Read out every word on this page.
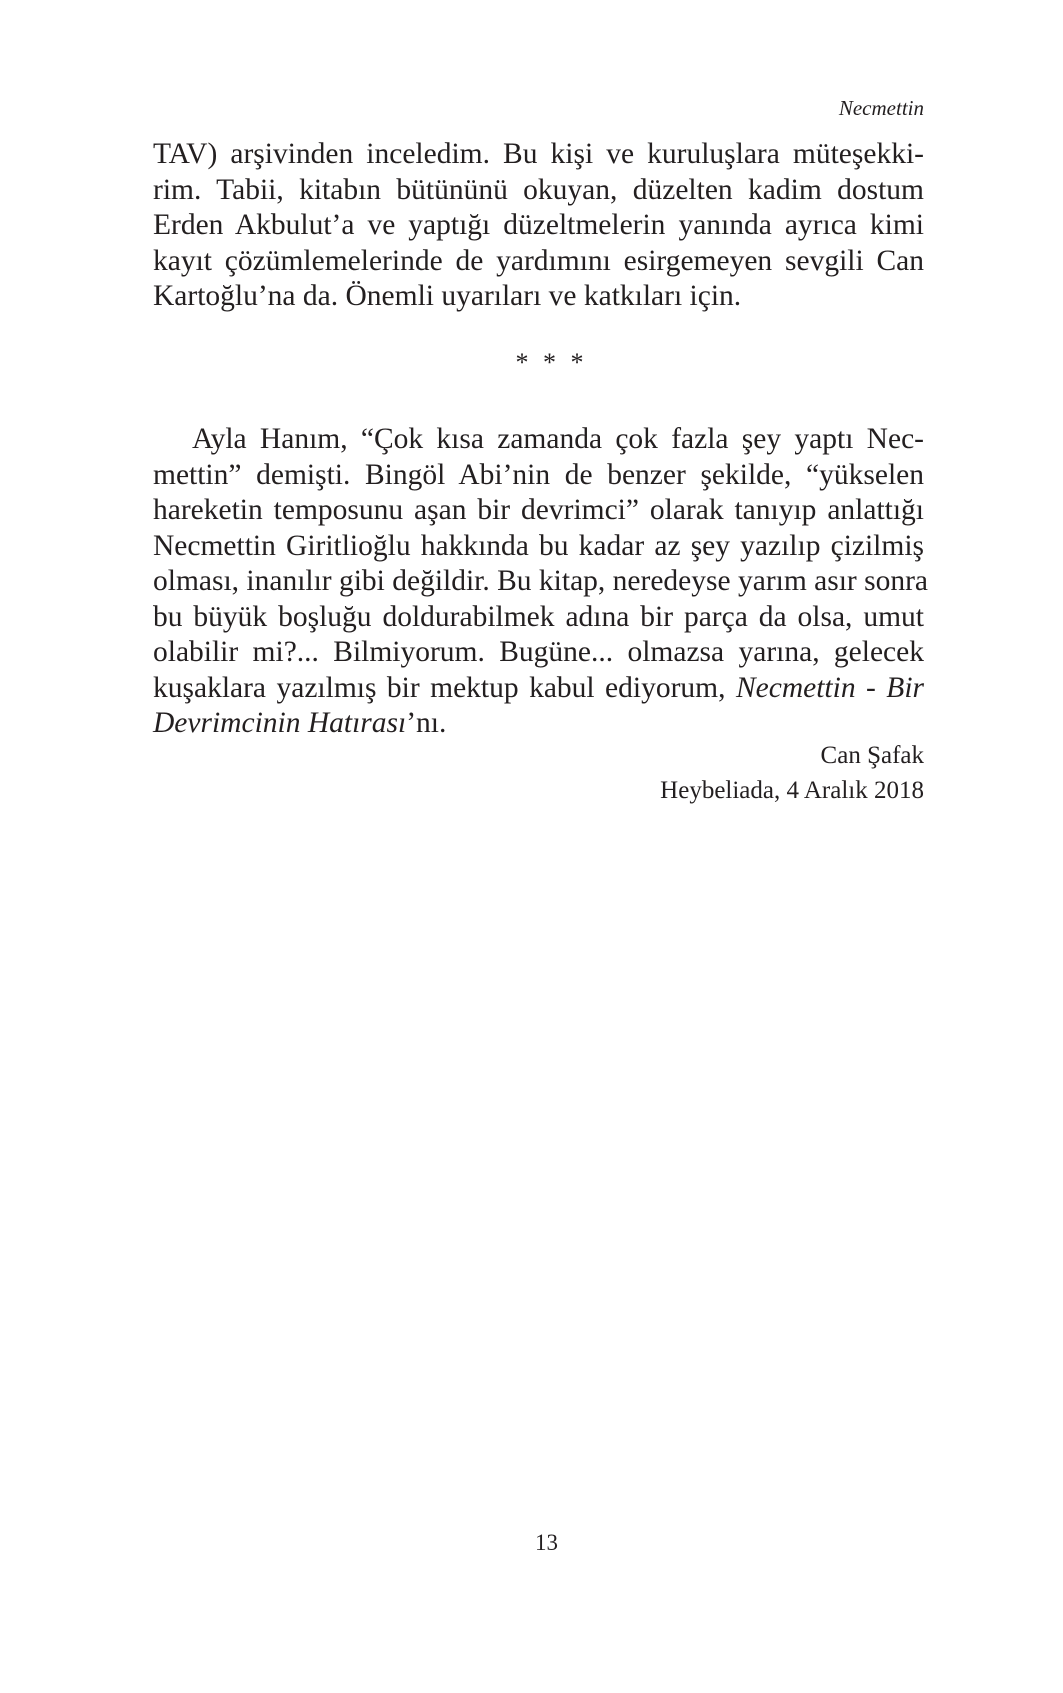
Necmettin
TAV) arşivinden inceledim. Bu kişi ve kuruluşlara müteşekki-
rim. Tabii, kitabın bütününü okuyan, düzelten kadim dostum
Erden Akbulut’a ve yaptığı düzeltmelerin yanında ayrıca kimi
kayıt çözümlemelerinde de yardımını esirgemeyen sevgili Can
Kartoğlu’na da. Önemli uyarıları ve katkıları için.
* * *
Ayla Hanım, “Çok kısa zamanda çok fazla şey yaptı Nec-
mettin” demişti. Bingöl Abi’nin de benzer şekilde, “yükselen
hareketin temposunu aşan bir devrimci” olarak tanıyıp anlattığı
Necmettin Giritlioğlu hakkında bu kadar az şey yazılıp çizilmiş
olması, inanılır gibi değildir. Bu kitap, neredeyse yarım asır sonra
bu büyük boşluğu doldurabilmek adına bir parça da olsa, umut
olabilir mi?... Bilmiyorum. Bugüne... olmazsa yarına, gelecek
kuşaklara yazılmış bir mektup kabul ediyorum, Necmettin - Bir
Devrimcinin Hatırası’nı.
Can Şafak
Heybeliada, 4 Aralık 2018
13
